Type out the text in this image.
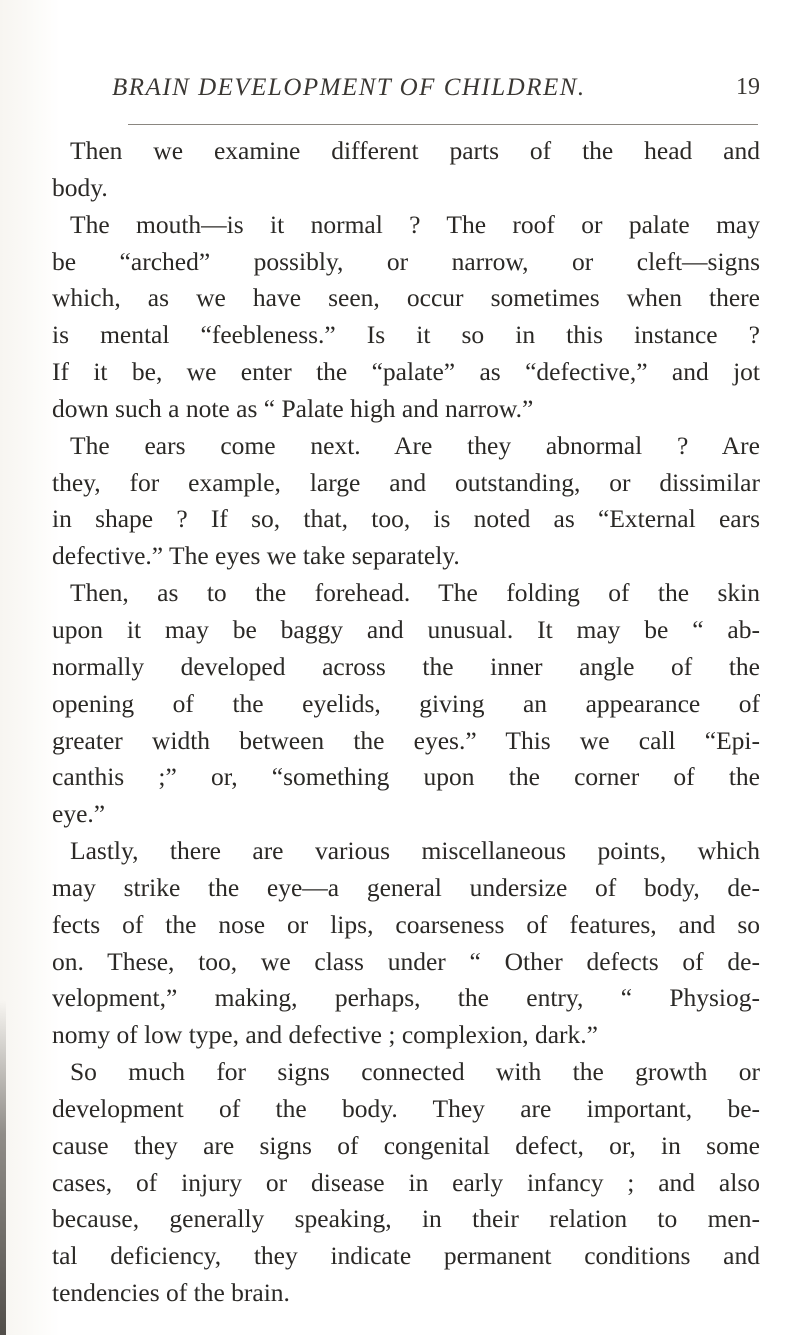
BRAIN DEVELOPMENT OF CHILDREN.	19
Then we examine different parts of the head and
body.
The mouth—is it normal ? The roof or palate may
be “arched” possibly, or narrow, or cleft—signs
which, as we have seen, occur sometimes when there
is mental “feebleness.” Is it so in this instance ?
If it be, we enter the “palate” as “defective,” and jot
down such a note as “ Palate high and narrow.”
The ears come next. Are they abnormal ? Are
they, for example, large and outstanding, or dissimilar
in shape ? If so, that, too, is noted as “External ears
defective.” The eyes we take separately.
Then, as to the forehead. The folding of the skin
upon it may be baggy and unusual. It may be “ ab-
normally developed across the inner angle of the
opening of the eyelids, giving an appearance of
greater width between the eyes.” This we call “Epi-
canthis ;” or, “something upon the corner of the
eye.”
Lastly, there are various miscellaneous points, which
may strike the eye—a general undersize of body, de-
fects of the nose or lips, coarseness of features, and so
on. These, too, we class under “ Other defects of de-
velopment,” making, perhaps, the entry, “ Physiog-
nomy of low type, and defective ; complexion, dark.”
So much for signs connected with the growth or
development of the body. They are important, be-
cause they are signs of congenital defect, or, in some
cases, of injury or disease in early infancy ; and also
because, generally speaking, in their relation to men-
tal deficiency, they indicate permanent conditions and
tendencies of the brain.
